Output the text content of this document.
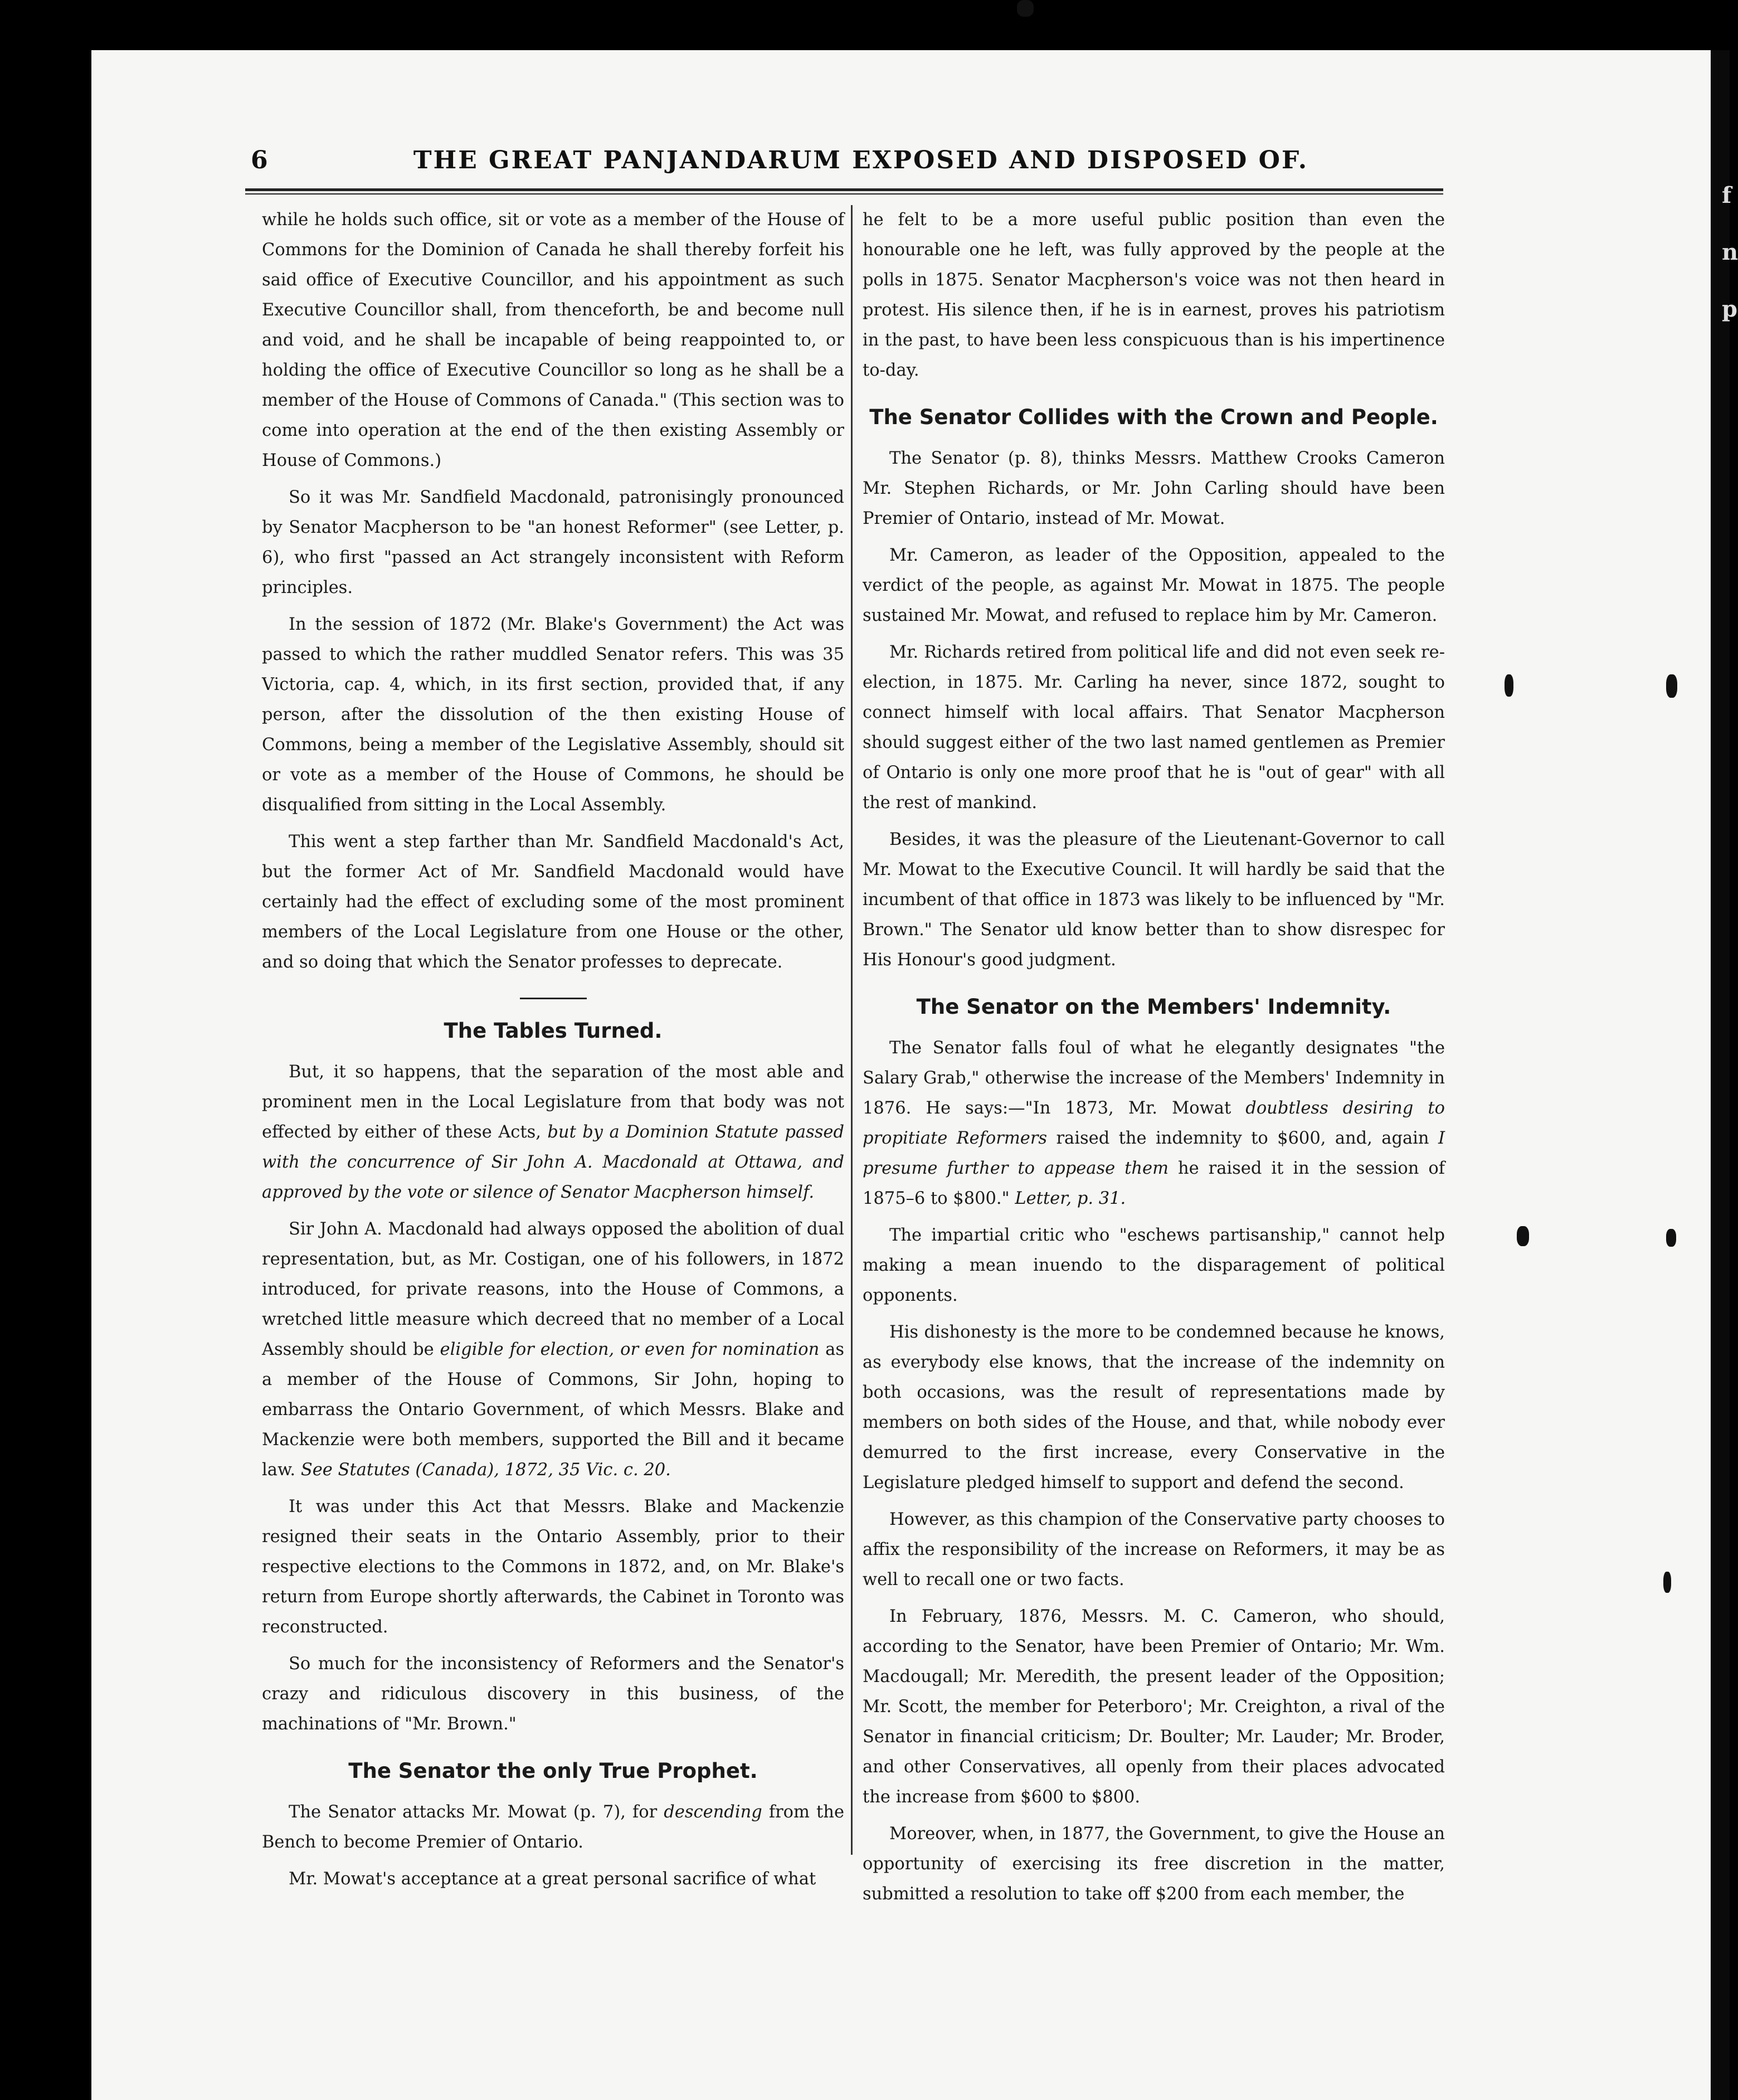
f
n
p
6	THE GREAT PANJANDARUM EXPOSED AND DISPOSED OF.

while he holds such office, sit or vote as a member of the House of Commons for the Dominion of Canada he shall thereby forfeit his said office of Executive Councillor, and his appointment as such Executive Councillor shall, from thenceforth, be and become null and void, and he shall be incapable of being reappointed to, or holding the office of Executive Councillor so long as he shall be a member of the House of Commons of Canada." (This section was to come into operation at the end of the then existing Assembly or House of Commons.)

So it was Mr. Sandfield Macdonald, patronisingly pronounced by Senator Macpherson to be "an honest Reformer" (see Letter, p. 6), who first "passed an Act strangely inconsistent with Reform principles.

In the session of 1872 (Mr. Blake's Government) the Act was passed to which the rather muddled Senator refers. This was 35 Victoria, cap. 4, which, in its first section, provided that, if any person, after the dissolution of the then existing House of Commons, being a member of the Legislative Assembly, should sit or vote as a member of the House of Commons, he should be disqualified from sitting in the Local Assembly.

This went a step farther than Mr. Sandfield Macdonald's Act, but the former Act of Mr. Sandfield Macdonald would have certainly had the effect of excluding some of the most prominent members of the Local Legislature from one House or the other, and so doing that which the Senator professes to deprecate.

The Tables Turned.

But, it so happens, that the separation of the most able and prominent men in the Local Legislature from that body was not effected by either of these Acts, but by a Dominion Statute passed with the concurrence of Sir John A. Macdonald at Ottawa, and approved by the vote or silence of Senator Macpherson himself.

Sir John A. Macdonald had always opposed the abolition of dual representation, but, as Mr. Costigan, one of his followers, in 1872 introduced, for private reasons, into the House of Commons, a wretched little measure which decreed that no member of a Local Assembly should be eligible for election, or even for nomination as a member of the House of Commons, Sir John, hoping to embarrass the Ontario Government, of which Messrs. Blake and Mackenzie were both members, supported the Bill and it became law. See Statutes (Canada), 1872, 35 Vic. c. 20.

It was under this Act that Messrs. Blake and Mackenzie resigned their seats in the Ontario Assembly, prior to their respective elections to the Commons in 1872, and, on Mr. Blake's return from Europe shortly afterwards, the Cabinet in Toronto was reconstructed.

So much for the inconsistency of Reformers and the Senator's crazy and ridiculous discovery in this business, of the machinations of "Mr. Brown."

The Senator the only True Prophet.

The Senator attacks Mr. Mowat (p. 7), for descending from the Bench to become Premier of Ontario.

Mr. Mowat's acceptance at a great personal sacrifice of what

he felt to be a more useful public position than even the honourable one he left, was fully approved by the people at the polls in 1875. Senator Macpherson's voice was not then heard in protest. His silence then, if he is in earnest, proves his patriotism in the past, to have been less conspicuous than is his impertinence to-day.

The Senator Collides with the Crown and People.

The Senator (p. 8), thinks Messrs. Matthew Crooks Cameron Mr. Stephen Richards, or Mr. John Carling should have been Premier of Ontario, instead of Mr. Mowat.

Mr. Cameron, as leader of the Opposition, appealed to the verdict of the people, as against Mr. Mowat in 1875. The people sustained Mr. Mowat, and refused to replace him by Mr. Cameron.

Mr. Richards retired from political life and did not even seek re-election, in 1875. Mr. Carling ha never, since 1872, sought to connect himself with local affairs. That Senator Macpherson should suggest either of the two last named gentlemen as Premier of Ontario is only one more proof that he is "out of gear" with all the rest of mankind.

Besides, it was the pleasure of the Lieutenant-Governor to call Mr. Mowat to the Executive Council. It will hardly be said that the incumbent of that office in 1873 was likely to be influenced by "Mr. Brown." The Senator uld know better than to show disrespec for His Honour's good judgment.

The Senator on the Members' Indemnity.

The Senator falls foul of what he elegantly designates "the Salary Grab," otherwise the increase of the Members' Indemnity in 1876. He says:—"In 1873, Mr. Mowat doubtless desiring to propitiate Reformers raised the indemnity to $600, and, again I presume further to appease them he raised it in the session of 1875–6 to $800." Letter, p. 31.

The impartial critic who "eschews partisanship," cannot help making a mean inuendo to the disparagement of political opponents.

His dishonesty is the more to be condemned because he knows, as everybody else knows, that the increase of the indemnity on both occasions, was the result of representations made by members on both sides of the House, and that, while nobody ever demurred to the first increase, every Conservative in the Legislature pledged himself to support and defend the second.

However, as this champion of the Conservative party chooses to affix the responsibility of the increase on Reformers, it may be as well to recall one or two facts.

In February, 1876, Messrs. M. C. Cameron, who should, according to the Senator, have been Premier of Ontario; Mr. Wm. Macdougall; Mr. Meredith, the present leader of the Opposition; Mr. Scott, the member for Peterboro'; Mr. Creighton, a rival of the Senator in financial criticism; Dr. Boulter; Mr. Lauder; Mr. Broder, and other Conservatives, all openly from their places advocated the increase from $600 to $800.

Moreover, when, in 1877, the Government, to give the House an opportunity of exercising its free discretion in the matter, submitted a resolution to take off $200 from each member, the
